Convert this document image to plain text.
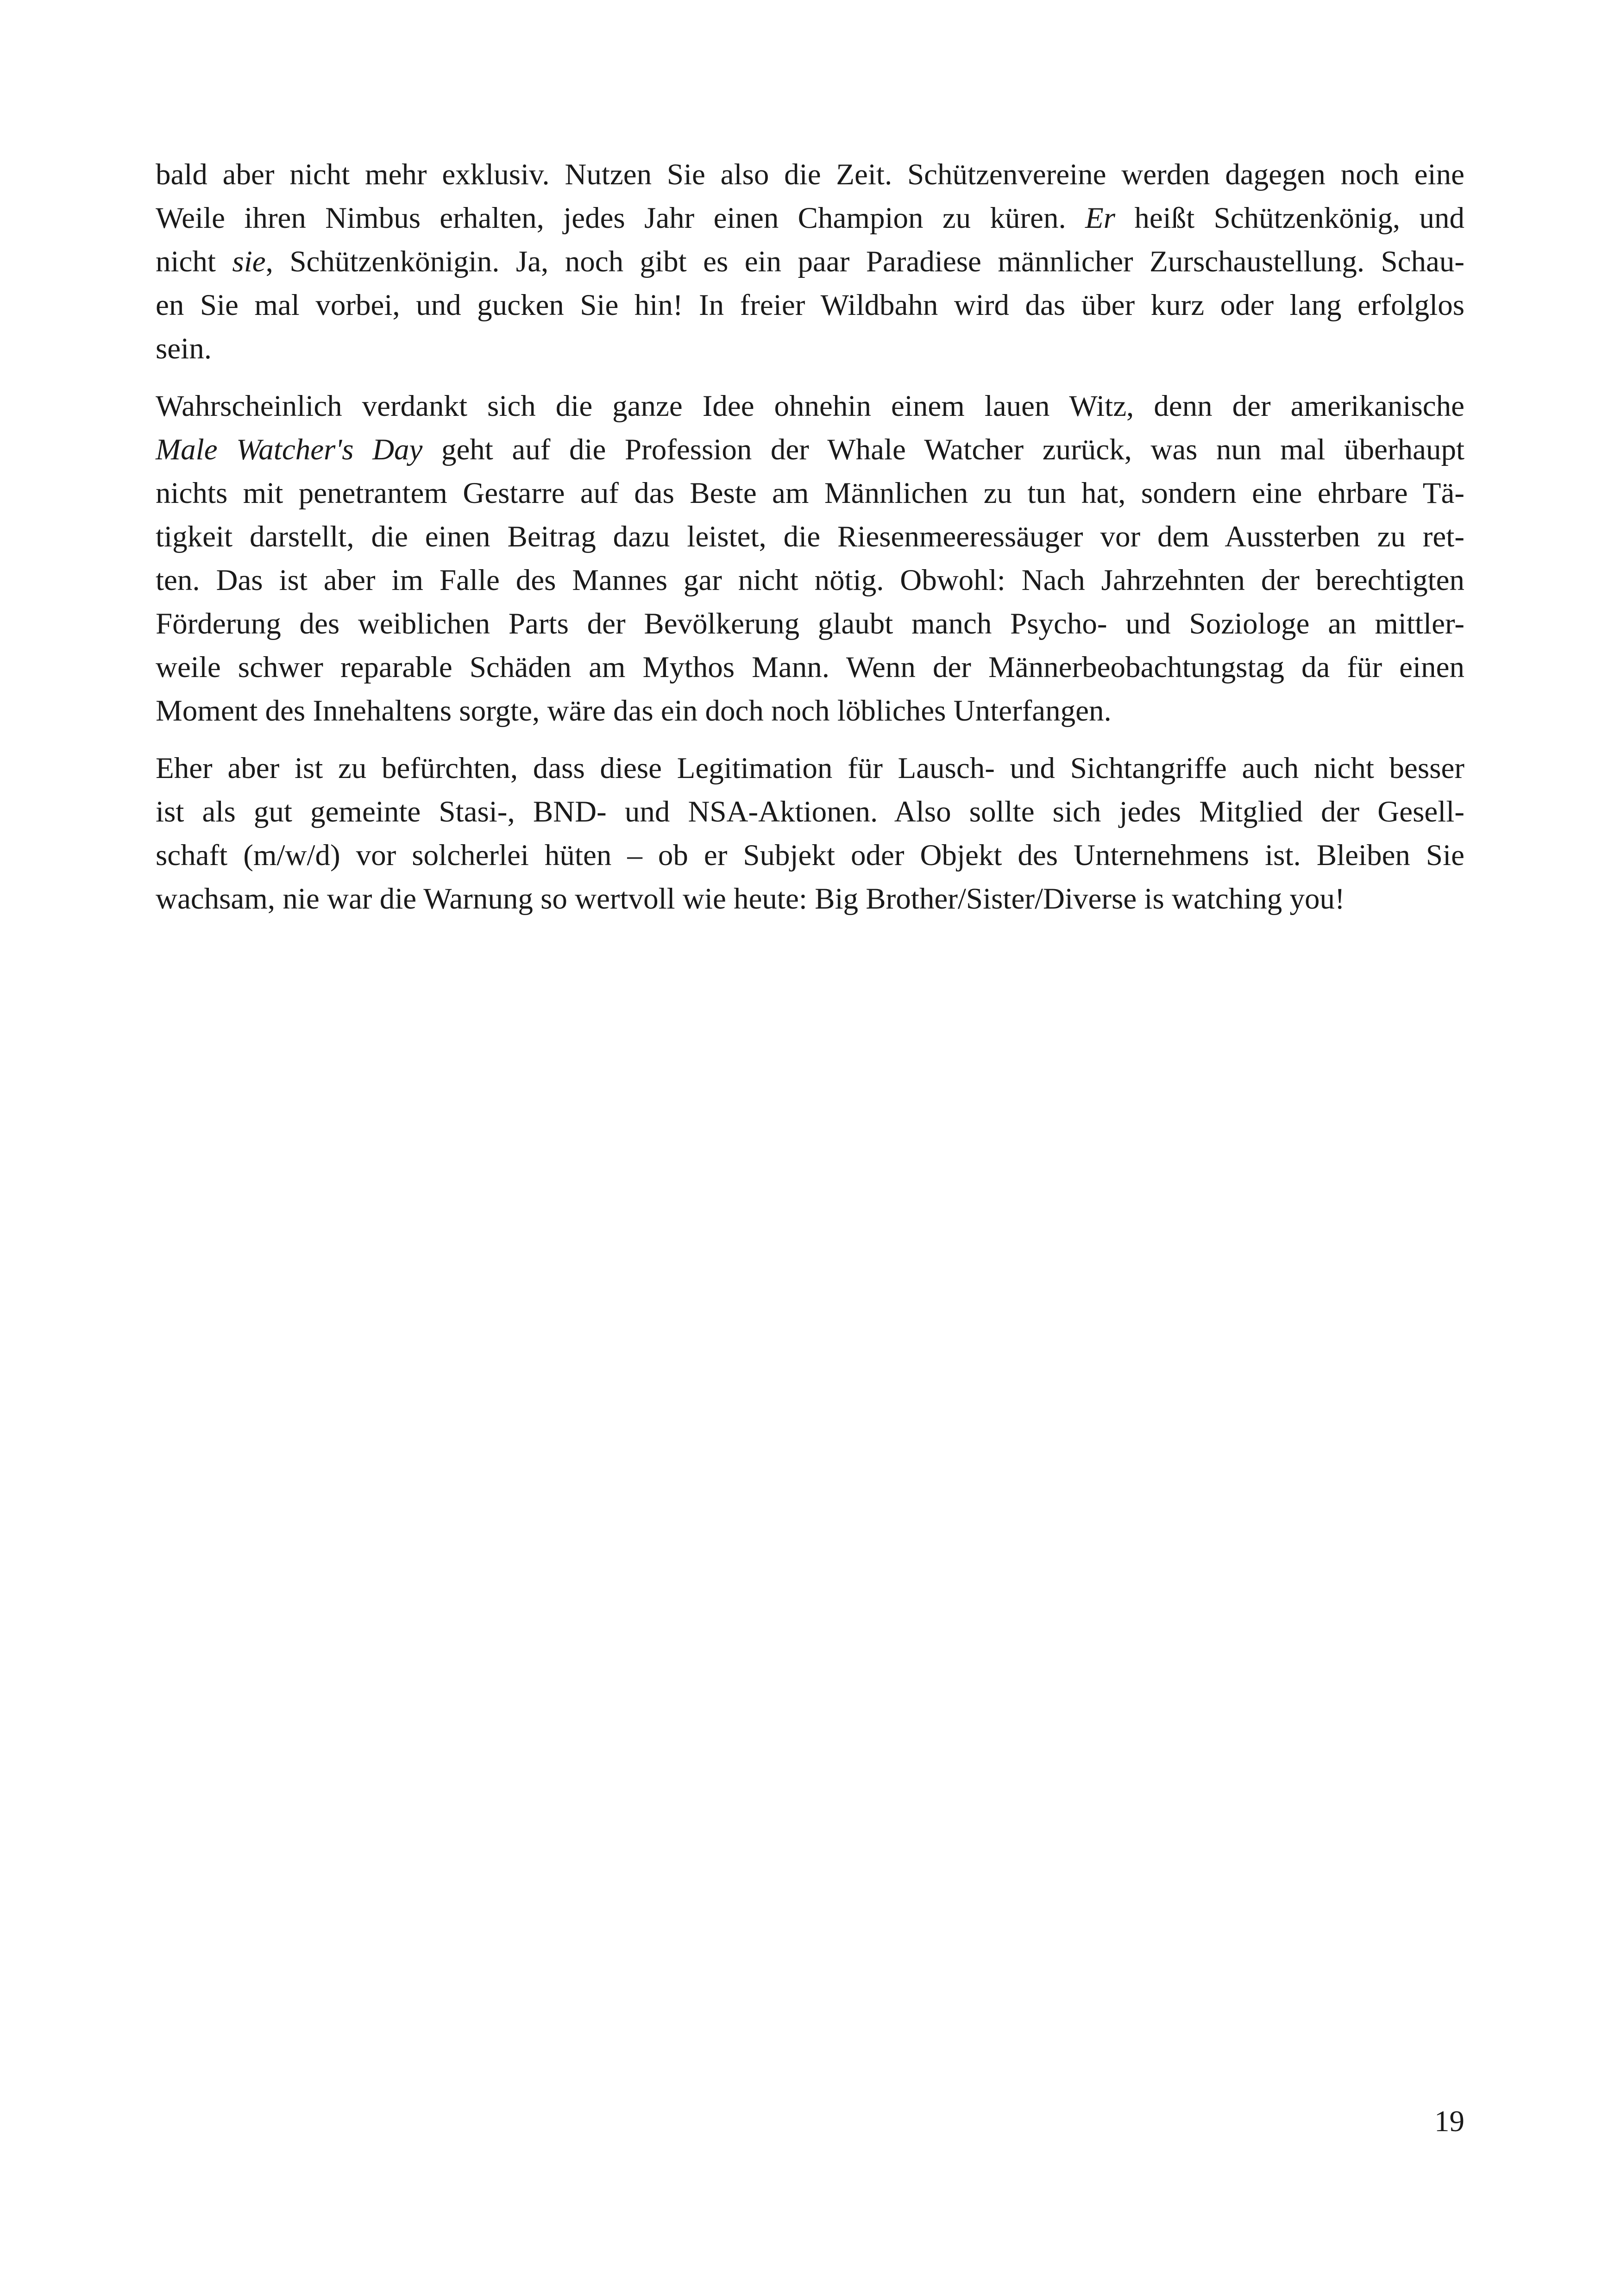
bald aber nicht mehr exklusiv. Nutzen Sie also die Zeit. Schützenvereine werden dagegen noch eine
Weile ihren Nimbus erhalten, jedes Jahr einen Champion zu küren. Er heißt Schützenkönig, und
nicht sie, Schützenkönigin. Ja, noch gibt es ein paar Paradiese männlicher Zurschaustellung. Schau-
en Sie mal vorbei, und gucken Sie hin! In freier Wildbahn wird das über kurz oder lang erfolglos
sein.
Wahrscheinlich verdankt sich die ganze Idee ohnehin einem lauen Witz, denn der amerikanische
Male Watcher's Day geht auf die Profession der Whale Watcher zurück, was nun mal überhaupt
nichts mit penetrantem Gestarre auf das Beste am Männlichen zu tun hat, sondern eine ehrbare Tä-
tigkeit darstellt, die einen Beitrag dazu leistet, die Riesenmeeressäuger vor dem Aussterben zu ret-
ten. Das ist aber im Falle des Mannes gar nicht nötig. Obwohl: Nach Jahrzehnten der berechtigten
Förderung des weiblichen Parts der Bevölkerung glaubt manch Psycho- und Soziologe an mittler-
weile schwer reparable Schäden am Mythos Mann. Wenn der Männerbeobachtungstag da für einen
Moment des Innehaltens sorgte, wäre das ein doch noch löbliches Unterfangen.
Eher aber ist zu befürchten, dass diese Legitimation für Lausch- und Sichtangriffe auch nicht besser
ist als gut gemeinte Stasi-, BND- und NSA-Aktionen. Also sollte sich jedes Mitglied der Gesell-
schaft (m/w/d) vor solcherlei hüten – ob er Subjekt oder Objekt des Unternehmens ist. Bleiben Sie
wachsam, nie war die Warnung so wertvoll wie heute: Big Brother/Sister/Diverse is watching you!
19
